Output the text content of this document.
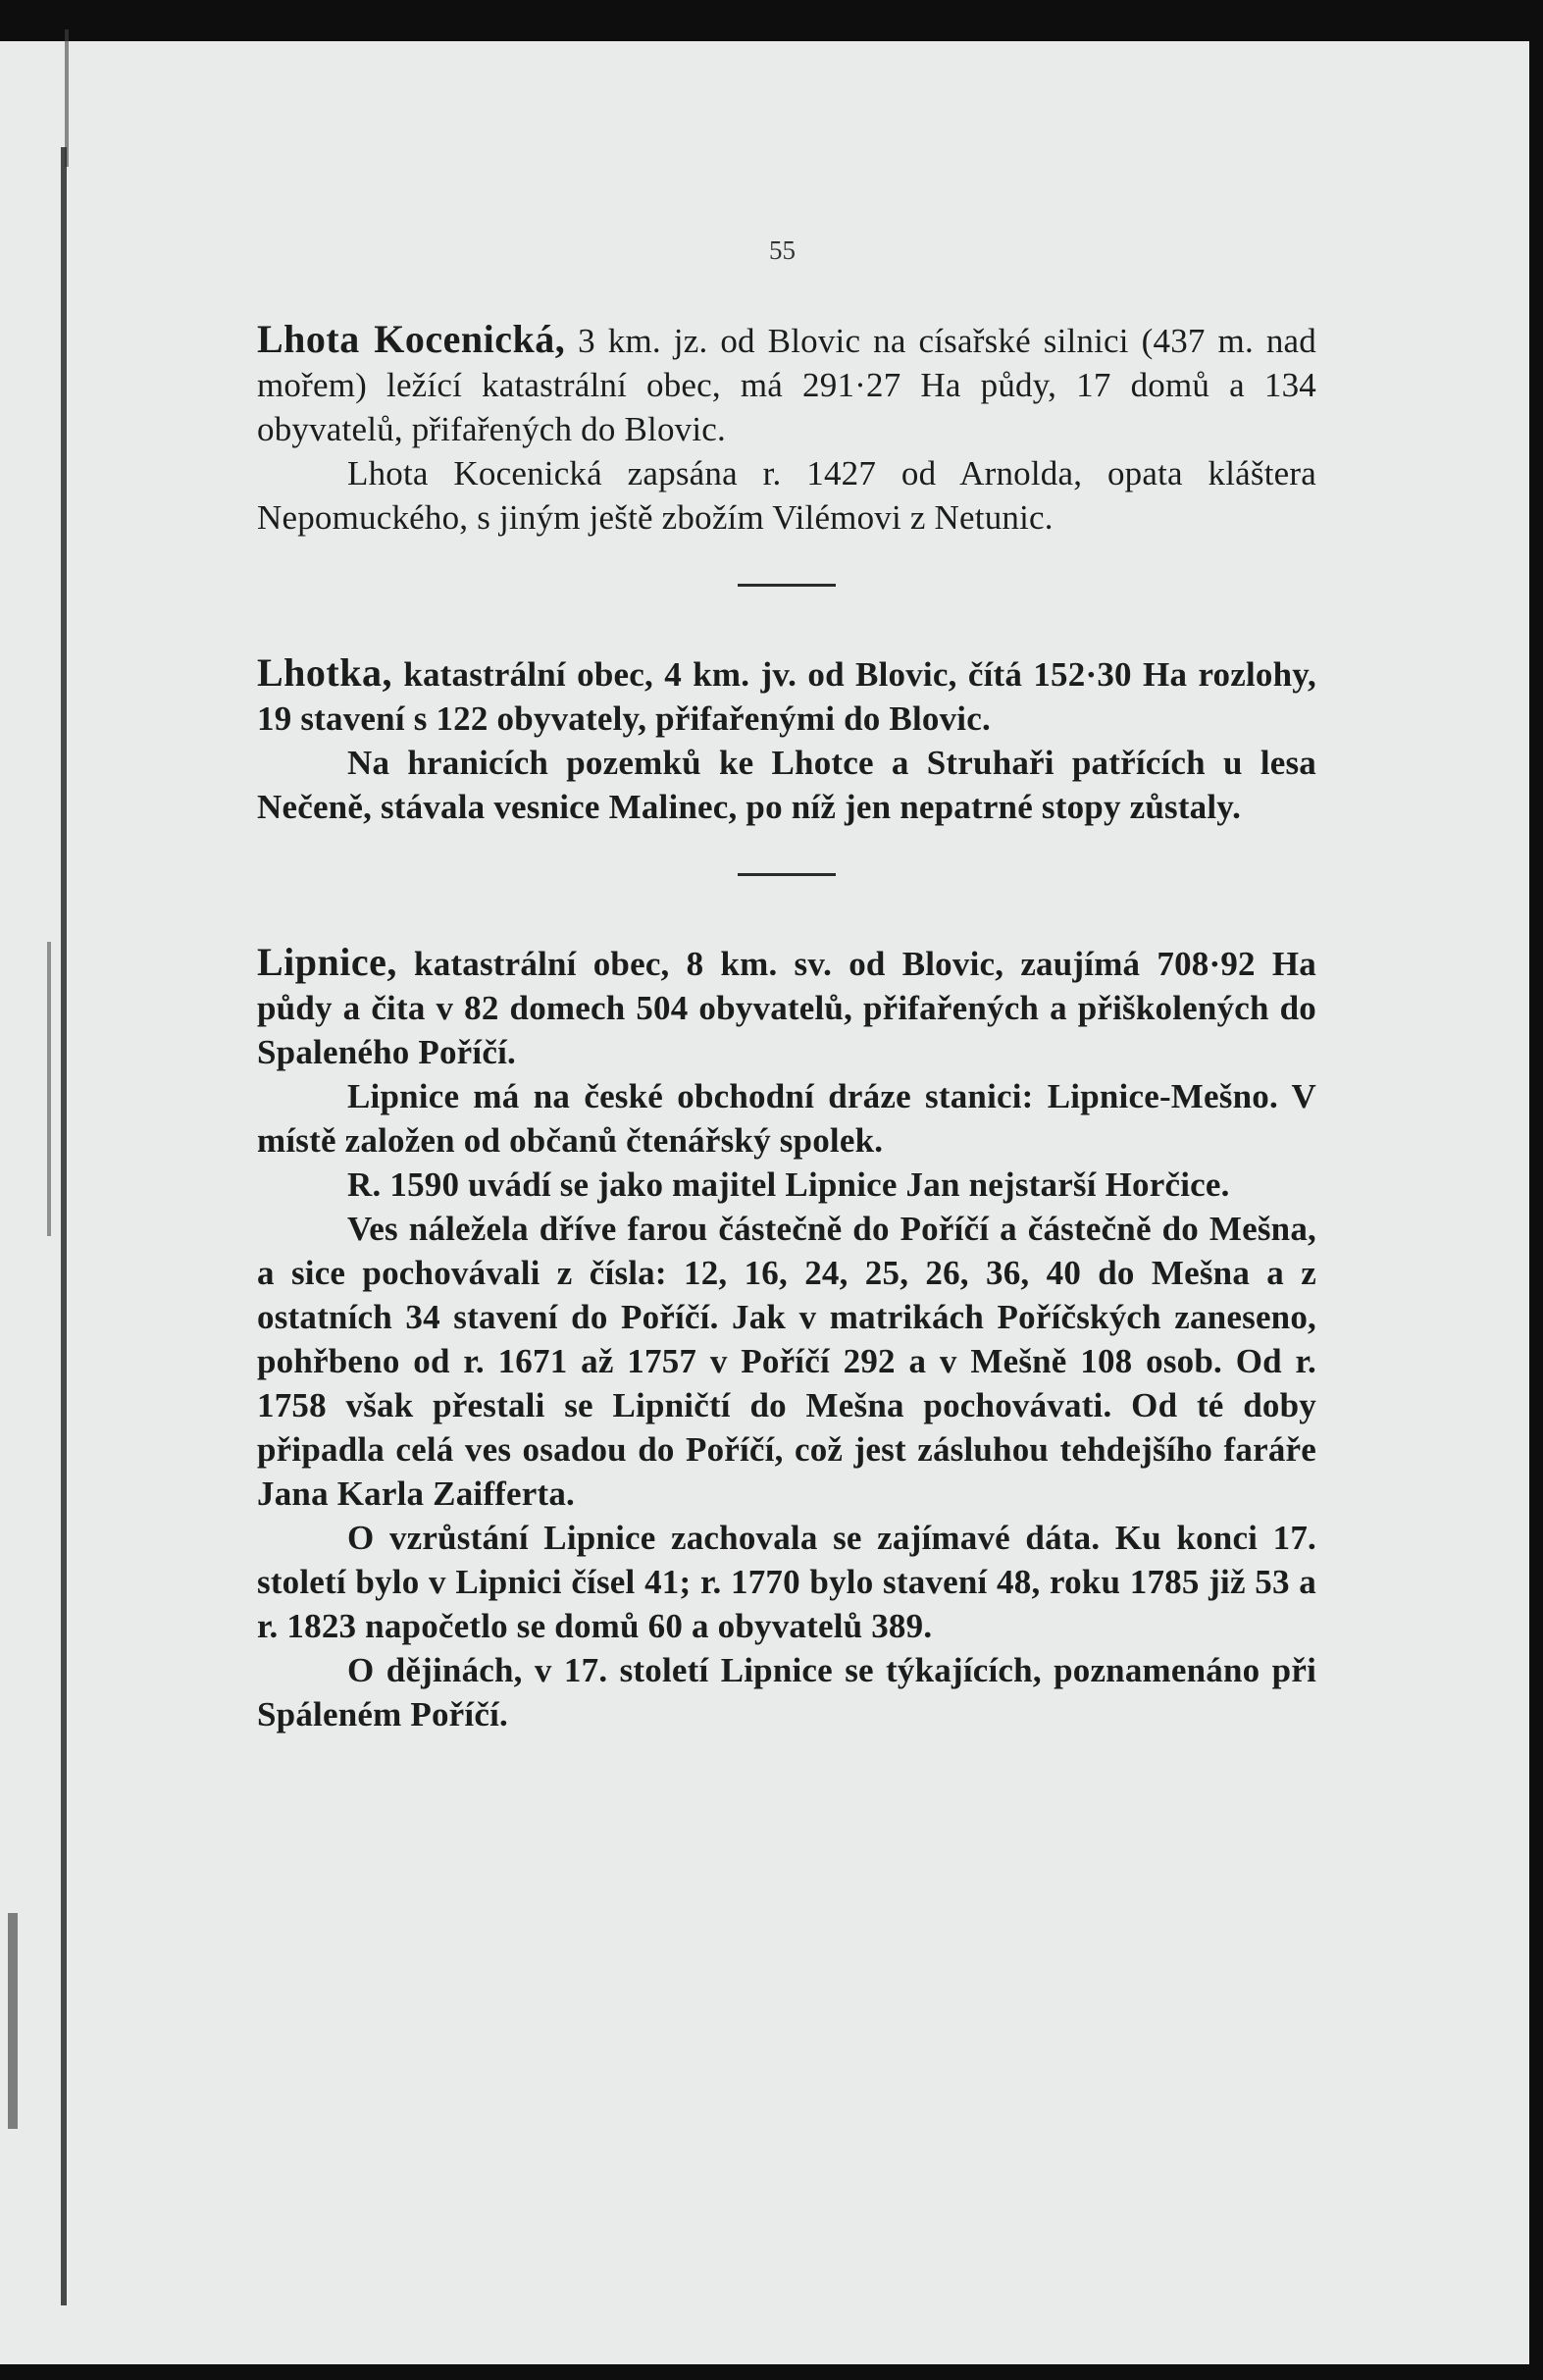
55

Lhota Kocenická, 3 km. jz. od Blovic na císařské silnici (437 m. nad mořem) ležící katastrální obec, má 291·27 Ha půdy, 17 domů a 134 obyvatelů, přifařených do Blovic.

Lhota Kocenická zapsána r. 1427 od Arnolda, opata kláštera Nepomuckého, s jiným ještě zbožím Vilémovi z Netunic.

Lhotka, katastrální obec, 4 km. jv. od Blovic, čítá 152·30 Ha rozlohy, 19 stavení s 122 obyvately, přifařenými do Blovic.

Na hranicích pozemků ke Lhotce a Struhaři patřících u lesa Nečeně, stávala vesnice Malinec, po níž jen nepatrné stopy zůstaly.

Lipnice, katastrální obec, 8 km. sv. od Blovic, zaujímá 708·92 Ha půdy a čita v 82 domech 504 obyvatelů, přifařených a přiškolených do Spaleného Poříčí.

Lipnice má na české obchodní dráze stanici: Lipnice-Mešno. V místě založen od občanů čtenářský spolek.

R. 1590 uvádí se jako majitel Lipnice Jan nejstarší Horčice.

Ves náležela dříve farou částečně do Poříčí a částečně do Mešna, a sice pochovávali z čísla: 12, 16, 24, 25, 26, 36, 40 do Mešna a z ostatních 34 stavení do Poříčí. Jak v matrikách Poříčských zaneseno, pohřbeno od r. 1671 až 1757 v Poříčí 292 a v Mešně 108 osob. Od r. 1758 však přestali se Lipničtí do Mešna pochovávati. Od té doby připadla celá ves osadou do Poříčí, což jest zásluhou tehdejšího faráře Jana Karla Zaifferta.

O vzrůstání Lipnice zachovala se zajímavé dáta. Ku konci 17. století bylo v Lipnici čísel 41; r. 1770 bylo stavení 48, roku 1785 již 53 a r. 1823 napočetlo se domů 60 a obyvatelů 389.

O dějinách, v 17. století Lipnice se týkajících, poznamenáno při Spáleném Poříčí.
